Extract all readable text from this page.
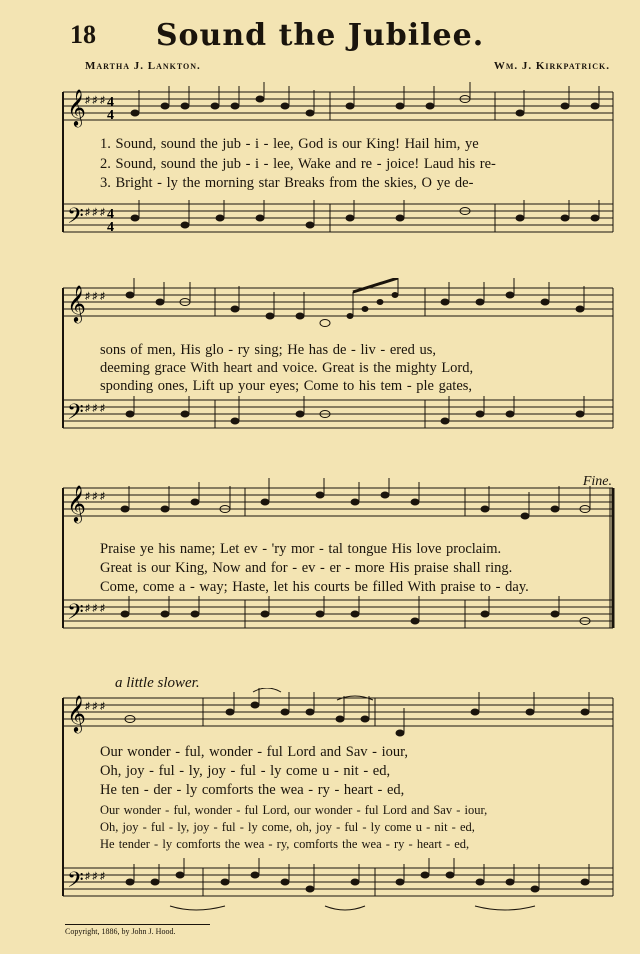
18	Sound the Jubilee.
Martha J. Lankton.	Wm. J. Kirkpatrick.
𝄞
𝄢
♯ ♯ ♯
♯ ♯ ♯
4
4
4
4
1. Sound, sound the jub - i - lee, God is our King! Hail him, ye
2. Sound, sound the jub - i - lee, Wake and re - joice! Laud his re-
3. Bright - ly the morning star Breaks from the skies, O ye de-
𝄞
𝄢
♯ ♯ ♯
♯ ♯ ♯
sons of men, His glo - ry sing; He has de - liv - ered us,
deeming grace With heart and voice. Great is the mighty Lord,
sponding ones, Lift up your eyes; Come to his tem - ple gates,
Fine.
𝄞
𝄢
♯ ♯ ♯
♯ ♯ ♯
Praise ye his name; Let ev - 'ry mor - tal tongue His love proclaim.
Great is our King, Now and for - ev - er - more His praise shall ring.
Come, come a - way; Haste, let his courts be filled With praise to - day.
a little slower.
𝄞
𝄢
♯ ♯ ♯
♯ ♯ ♯
Our wonder - ful, wonder - ful Lord and Sav - iour,
Oh, joy - ful - ly, joy - ful - ly come u - nit - ed,
He ten - der - ly comforts the wea - ry - heart - ed,
Our wonder - ful, wonder - ful Lord, our wonder - ful Lord and Sav - iour,
Oh, joy - ful - ly, joy - ful - ly come, oh, joy - ful - ly come u - nit - ed,
He tender - ly comforts the wea - ry, comforts the wea - ry - heart - ed,
Copyright, 1886, by John J. Hood.
